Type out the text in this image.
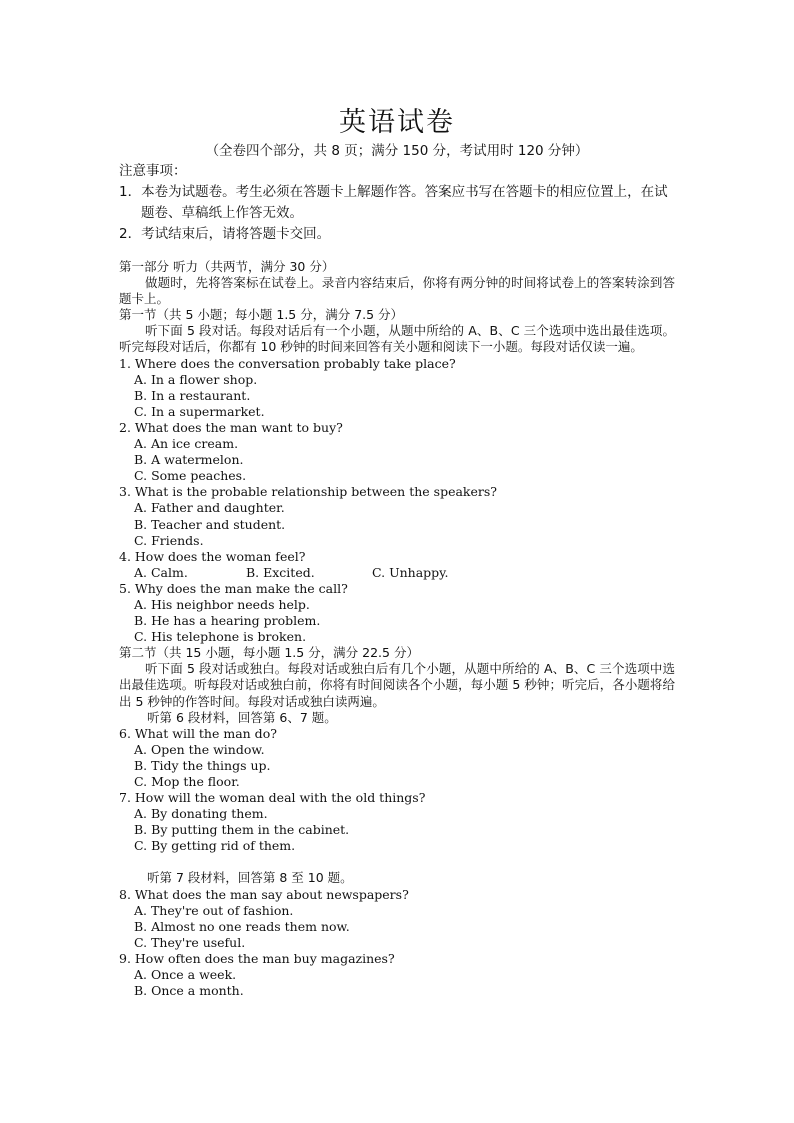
英语试卷
（全卷四个部分，共 8 页；满分 150 分，考试用时 120 分钟）
注意事项：
1．本卷为试题卷。考生必须在答题卡上解题作答。答案应书写在答题卡的相应位置上，在试题卷、草稿纸上作答无效。
2．考试结束后，请将答题卡交回。
第一部分 听力（共两节，满分 30 分）
做题时，先将答案标在试卷上。录音内容结束后，你将有两分钟的时间将试卷上的答案转涂到答题卡上。
第一节（共 5 小题；每小题 1.5 分，满分 7.5 分）
听下面 5 段对话。每段对话后有一个小题，从题中所给的 A、B、C 三个选项中选出最佳选项。听完每段对话后，你都有 10 秒钟的时间来回答有关小题和阅读下一小题。每段对话仅读一遍。
1. Where does the conversation probably take place?
A. In a flower shop.
B. In a restaurant.
C. In a supermarket.
2. What does the man want to buy?
A. An ice cream.
B. A watermelon.
C. Some peaches.
3. What is the probable relationship between the speakers?
A. Father and daughter.
B. Teacher and student.
C. Friends.
4. How does the woman feel?
A. Calm.	B. Excited.	C. Unhappy.
5. Why does the man make the call?
A. His neighbor needs help.
B. He has a hearing problem.
C. His telephone is broken.
第二节（共 15 小题，每小题 1.5 分，满分 22.5 分）
听下面 5 段对话或独白。每段对话或独白后有几个小题，从题中所给的 A、B、C 三个选项中选出最佳选项。听每段对话或独白前，你将有时间阅读各个小题，每小题 5 秒钟；听完后，各小题将给出 5 秒钟的作答时间。每段对话或独白读两遍。
听第 6 段材料，回答第 6、7 题。
6. What will the man do?
A. Open the window.
B. Tidy the things up.
C. Mop the floor.
7. How will the woman deal with the old things?
A. By donating them.
B. By putting them in the cabinet.
C. By getting rid of them.
听第 7 段材料，回答第 8 至 10 题。
8. What does the man say about newspapers?
A. They're out of fashion.
B. Almost no one reads them now.
C. They're useful.
9. How often does the man buy magazines?
A. Once a week.
B. Once a month.
